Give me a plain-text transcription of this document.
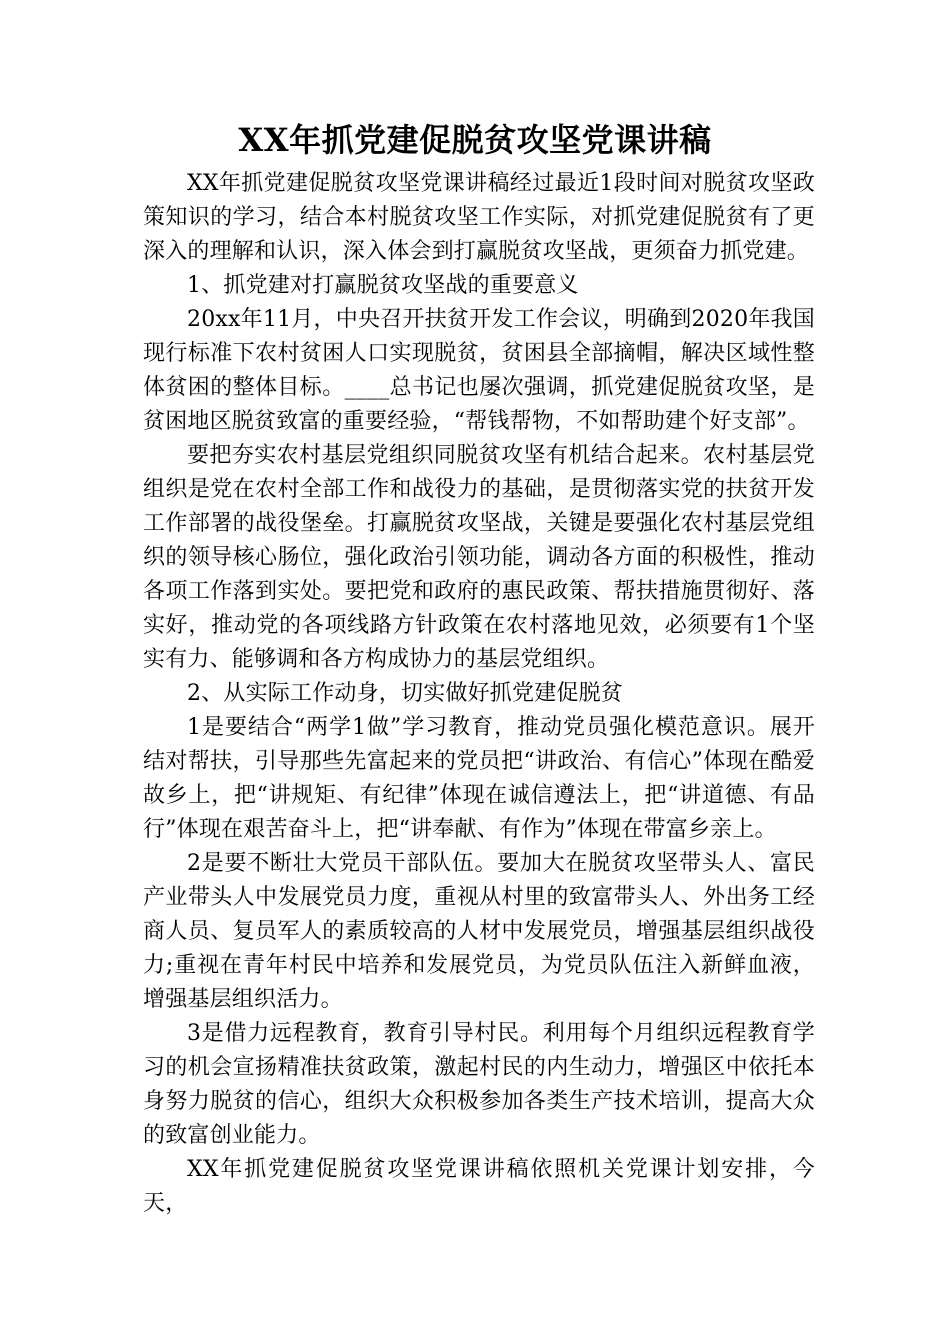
XX年抓党建促脱贫攻坚党课讲稿

XX年抓党建促脱贫攻坚党课讲稿经过最近1段时间对脱贫攻坚政策知识的学习，结合本村脱贫攻坚工作实际，对抓党建促脱贫有了更深入的理解和认识，深入体会到打赢脱贫攻坚战，更须奋力抓党建。

1、抓党建对打赢脱贫攻坚战的重要意义

20xx年11月，中央召开扶贫开发工作会议，明确到2020年我国现行标准下农村贫困人口实现脱贫，贫困县全部摘帽，解决区域性整体贫困的整体目标。____总书记也屡次强调，抓党建促脱贫攻坚，是贫困地区脱贫致富的重要经验，“帮钱帮物，不如帮助建个好支部”。

要把夯实农村基层党组织同脱贫攻坚有机结合起来。农村基层党组织是党在农村全部工作和战役力的基础，是贯彻落实党的扶贫开发工作部署的战役堡垒。打赢脱贫攻坚战，关键是要强化农村基层党组织的领导核心肠位，强化政治引领功能，调动各方面的积极性，推动各项工作落到实处。要把党和政府的惠民政策、帮扶措施贯彻好、落实好，推动党的各项线路方针政策在农村落地见效，必须要有1个坚实有力、能够调和各方构成协力的基层党组织。

2、从实际工作动身，切实做好抓党建促脱贫

1是要结合“两学1做”学习教育，推动党员强化模范意识。展开结对帮扶，引导那些先富起来的党员把“讲政治、有信心”体现在酷爱故乡上，把“讲规矩、有纪律”体现在诚信遵法上，把“讲道德、有品行”体现在艰苦奋斗上，把“讲奉献、有作为”体现在带富乡亲上。

2是要不断壮大党员干部队伍。要加大在脱贫攻坚带头人、富民产业带头人中发展党员力度，重视从村里的致富带头人、外出务工经商人员、复员军人的素质较高的人材中发展党员，增强基层组织战役力;重视在青年村民中培养和发展党员，为党员队伍注入新鲜血液，增强基层组织活力。

3是借力远程教育，教育引导村民。利用每个月组织远程教育学习的机会宣扬精准扶贫政策，激起村民的内生动力，增强区中依托本身努力脱贫的信心，组织大众积极参加各类生产技术培训，提高大众的致富创业能力。

XX年抓党建促脱贫攻坚党课讲稿依照机关党课计划安排，今天，
